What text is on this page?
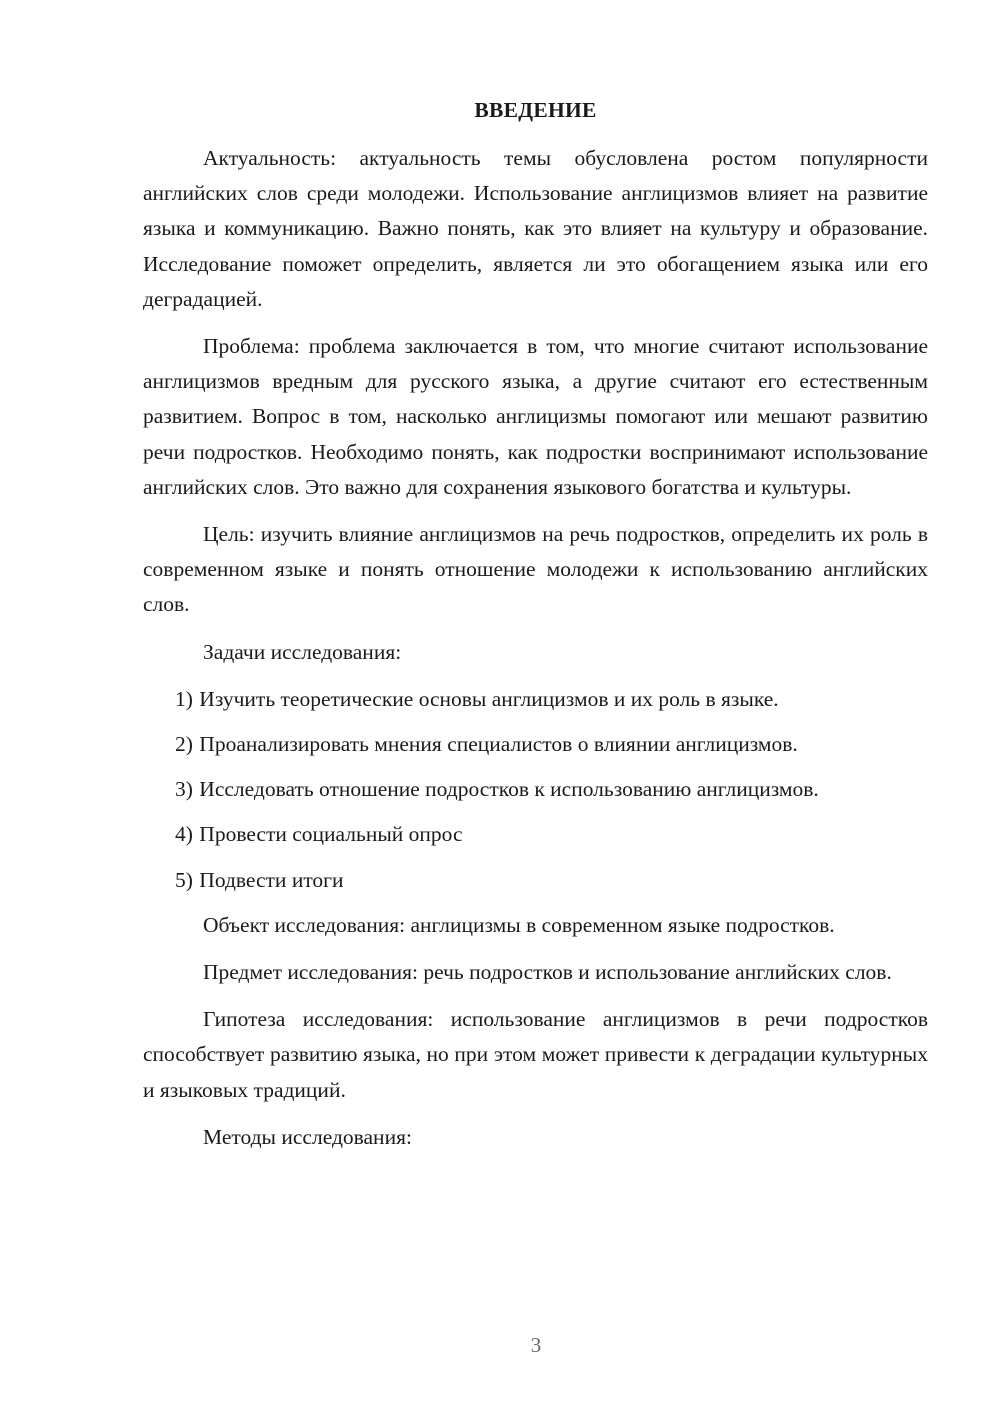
ВВЕДЕНИЕ

Актуальность: актуальность темы обусловлена ростом популярности английских слов среди молодежи. Использование англицизмов влияет на развитие языка и коммуникацию. Важно понять, как это влияет на культуру и образование. Исследование поможет определить, является ли это обогащением языка или его деградацией.

Проблема: проблема заключается в том, что многие считают использование англицизмов вредным для русского языка, а другие считают его естественным развитием. Вопрос в том, насколько англицизмы помогают или мешают развитию речи подростков. Необходимо понять, как подростки воспринимают использование английских слов. Это важно для сохранения языкового богатства и культуры.

Цель: изучить влияние англицизмов на речь подростков, определить их роль в современном языке и понять отношение молодежи к использованию английских слов.

Задачи исследования:

1) Изучить теоретические основы англицизмов и их роль в языке.
2) Проанализировать мнения специалистов о влиянии англицизмов.
3) Исследовать отношение подростков к использованию англицизмов.
4) Провести социальный опрос
5) Подвести итоги

Объект исследования: англицизмы в современном языке подростков.

Предмет исследования: речь подростков и использование английских слов.

Гипотеза исследования: использование англицизмов в речи подростков способствует развитию языка, но при этом может привести к деградации культурных и языковых традиций.

Методы исследования:

3
